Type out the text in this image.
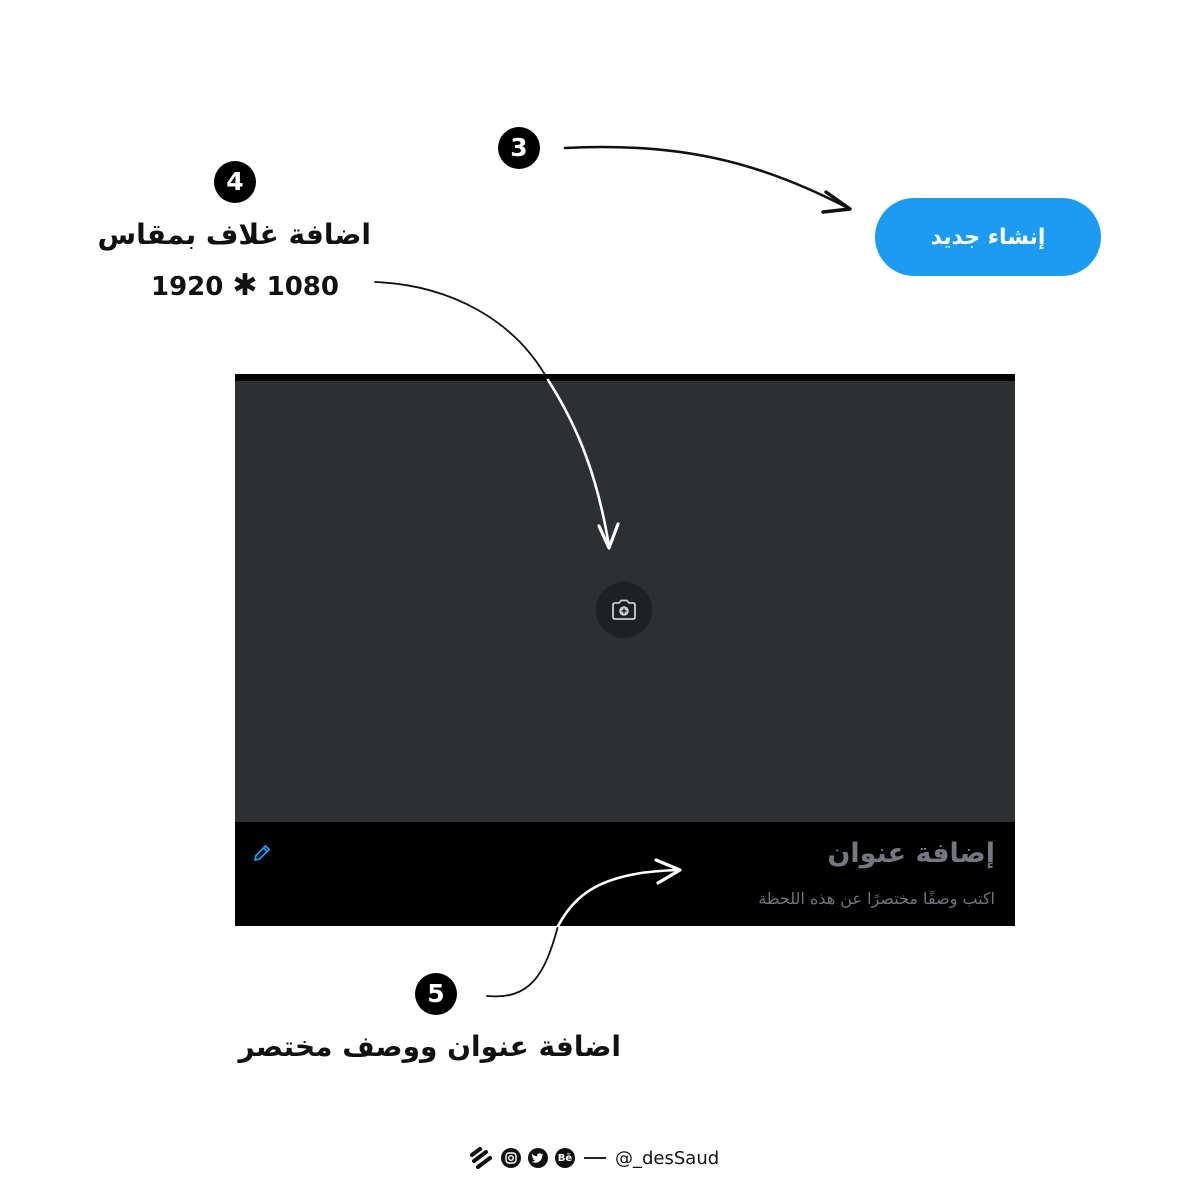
3
4
اضافة غلاف بمقاس
1920 ✱ 1080
إنشاء جديد
إضافة عنوان
اكتب وصفًا مختصرًا عن هذه اللحظة
5
اضافة عنوان ووصف مختصر
Bē @_desSaud
